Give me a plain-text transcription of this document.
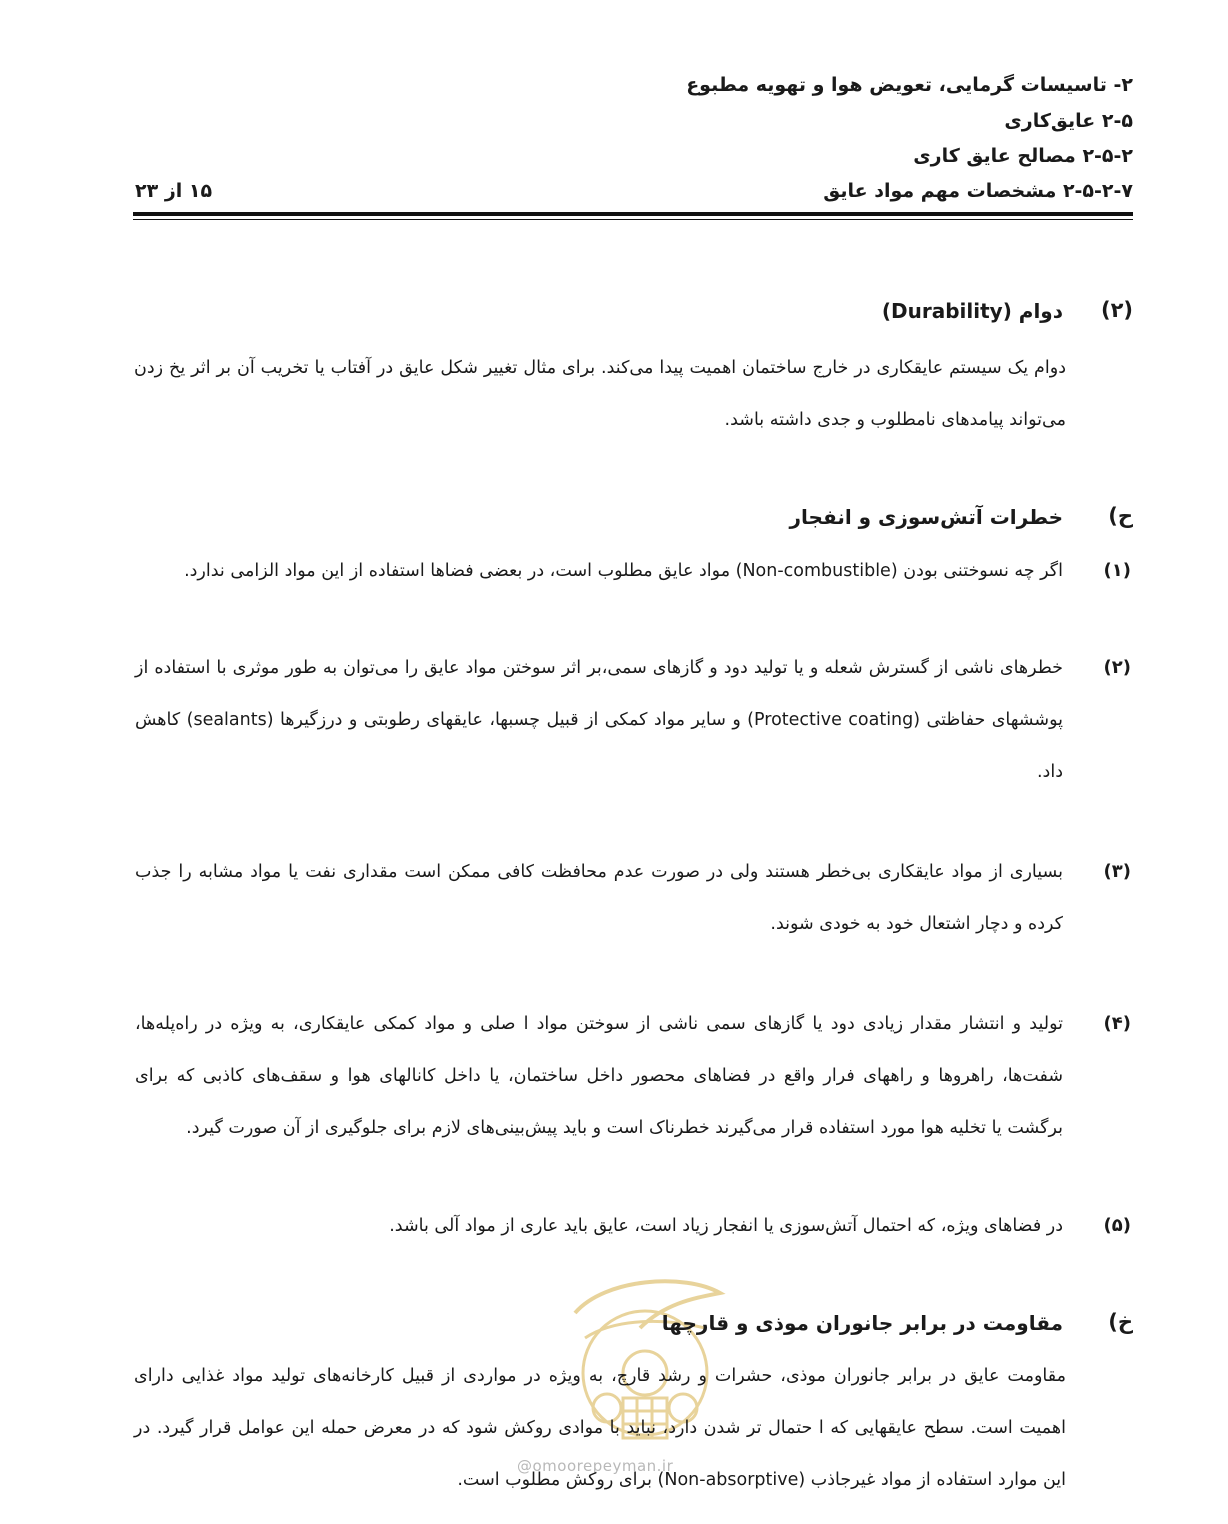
۲- تاسیسات گرمایی، تعویض هوا و تهویه مطبوع
۲-۵ عایق‌کاری
۲-۵-۲ مصالح عایق کاری
۲-۵-۲-۷ مشخصات مهم مواد عایق
۱۵ از ۲۳
(۲)
دوام (Durability)
دوام یک سیستم عایقکاری در خارج ساختمان اهمیت پیدا می‌کند. برای مثال تغییر شکل عایق در آفتاب یا تخریب آن بر اثر یخ زدن می‌تواند پیامدهای نامطلوب و جدی داشته باشد.
ح)
خطرات آتش‌سوزی و انفجار
(۱)
اگر چه نسوختنی بودن (Non-combustible) مواد عایق مطلوب است، در بعضی فضاها استفاده از این مواد الزامی ندارد.
(۲)
خطرهای ناشی از گسترش شعله و یا تولید دود و گازهای سمی،بر اثر سوختن مواد عایق را می‌توان به طور موثری با استفاده از پوششهای حفاظتی (Protective coating) و سایر مواد کمکی از قبیل چسبها، عایقهای رطوبتی و درزگیرها (sealants) کاهش داد.
(۳)
بسیاری از مواد عایقکاری بی‌خطر هستند ولی در صورت عدم محافظت کافی ممکن است مقداری نفت یا مواد مشابه را جذب کرده و دچار اشتعال خود به خودی شوند.
(۴)
تولید و انتشار مقدار زیادی دود یا گازهای سمی ناشی از سوختن مواد ا صلی و مواد کمکی عایقکاری، به ویژه در راه‌پله‌ها، شفت‌ها، راهروها و راههای فرار واقع در فضاهای محصور داخل ساختمان، یا داخل کانالهای هوا و سقف‌های کاذبی که برای برگشت یا تخلیه هوا مورد استفاده قرار می‌گیرند خطرناک است و باید پیش‌بینی‌های لازم برای جلوگیری از آن صورت گیرد.
(۵)
در فضاهای ویژه، که احتمال آتش‌سوزی یا انفجار زیاد است، عایق باید عاری از مواد آلی باشد.
@omoorepeyman.ir
خ)
مقاومت در برابر جانوران موذی و قارچها
مقاومت عایق در برابر جانوران موذی، حشرات و رشد قارچ، به ویژه در مواردی از قبیل کارخانه‌های تولید مواد غذایی دارای اهمیت است. سطح عایقهایی که ا حتمال تر شدن دارد، نباید با موادی روکش شود که در معرض حمله این عوامل قرار گیرد. در این موارد استفاده از مواد غیرجاذب (Non-absorptive) برای روکش مطلوب است.
